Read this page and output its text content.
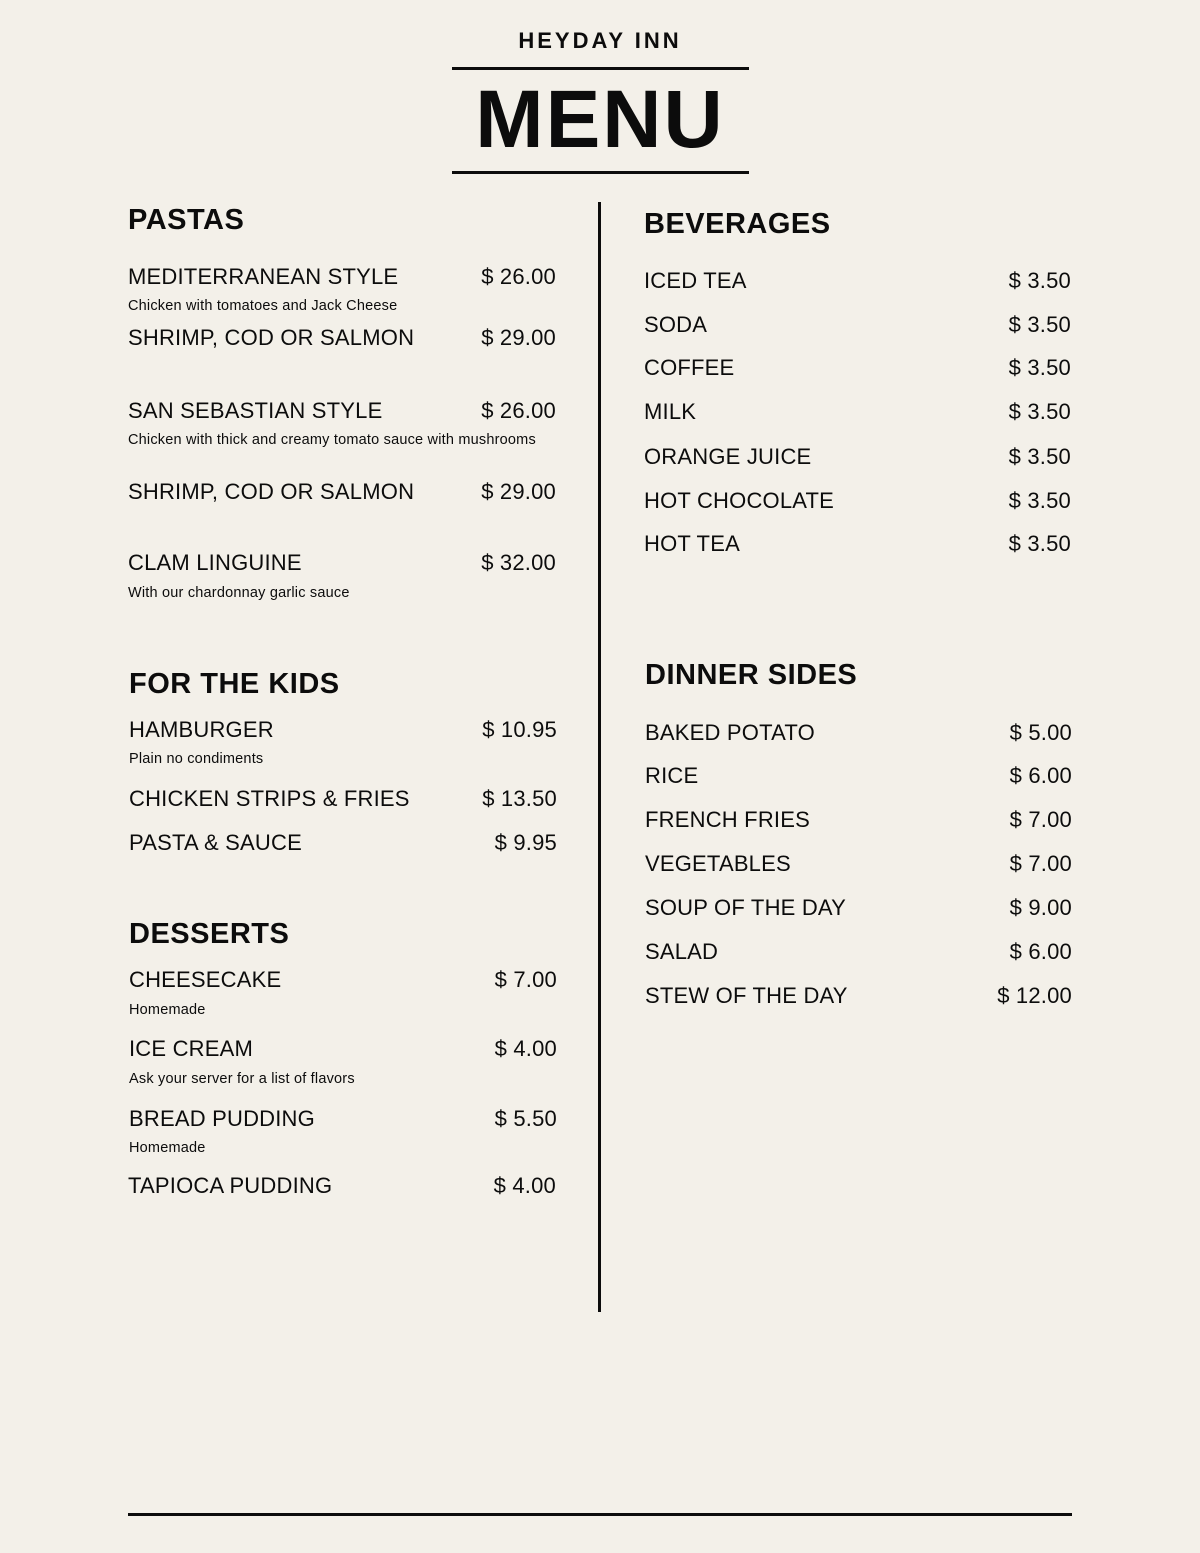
HEYDAY INN
MENU
PASTAS
MEDITERRANEAN STYLE	$ 26.00
Chicken with tomatoes and Jack Cheese
SHRIMP, COD OR SALMON	$ 29.00
SAN SEBASTIAN STYLE	$ 26.00
Chicken with thick and creamy tomato sauce with mushrooms
SHRIMP, COD OR SALMON	$ 29.00
CLAM LINGUINE	$ 32.00
With our chardonnay garlic sauce
FOR THE KIDS
HAMBURGER	$ 10.95
Plain no condiments
CHICKEN STRIPS & FRIES	$ 13.50
PASTA & SAUCE	$ 9.95
DESSERTS
CHEESECAKE	$ 7.00
Homemade
ICE CREAM	$ 4.00
Ask your server for a list of flavors
BREAD PUDDING	$ 5.50
Homemade
TAPIOCA PUDDING	$ 4.00
BEVERAGES
ICED TEA	$ 3.50
SODA	$ 3.50
COFFEE	$ 3.50
MILK	$ 3.50
ORANGE JUICE	$ 3.50
HOT CHOCOLATE	$ 3.50
HOT TEA	$ 3.50
DINNER SIDES
BAKED POTATO	$ 5.00
RICE	$ 6.00
FRENCH FRIES	$ 7.00
VEGETABLES	$ 7.00
SOUP OF THE DAY	$ 9.00
SALAD	$ 6.00
STEW OF THE DAY	$ 12.00
